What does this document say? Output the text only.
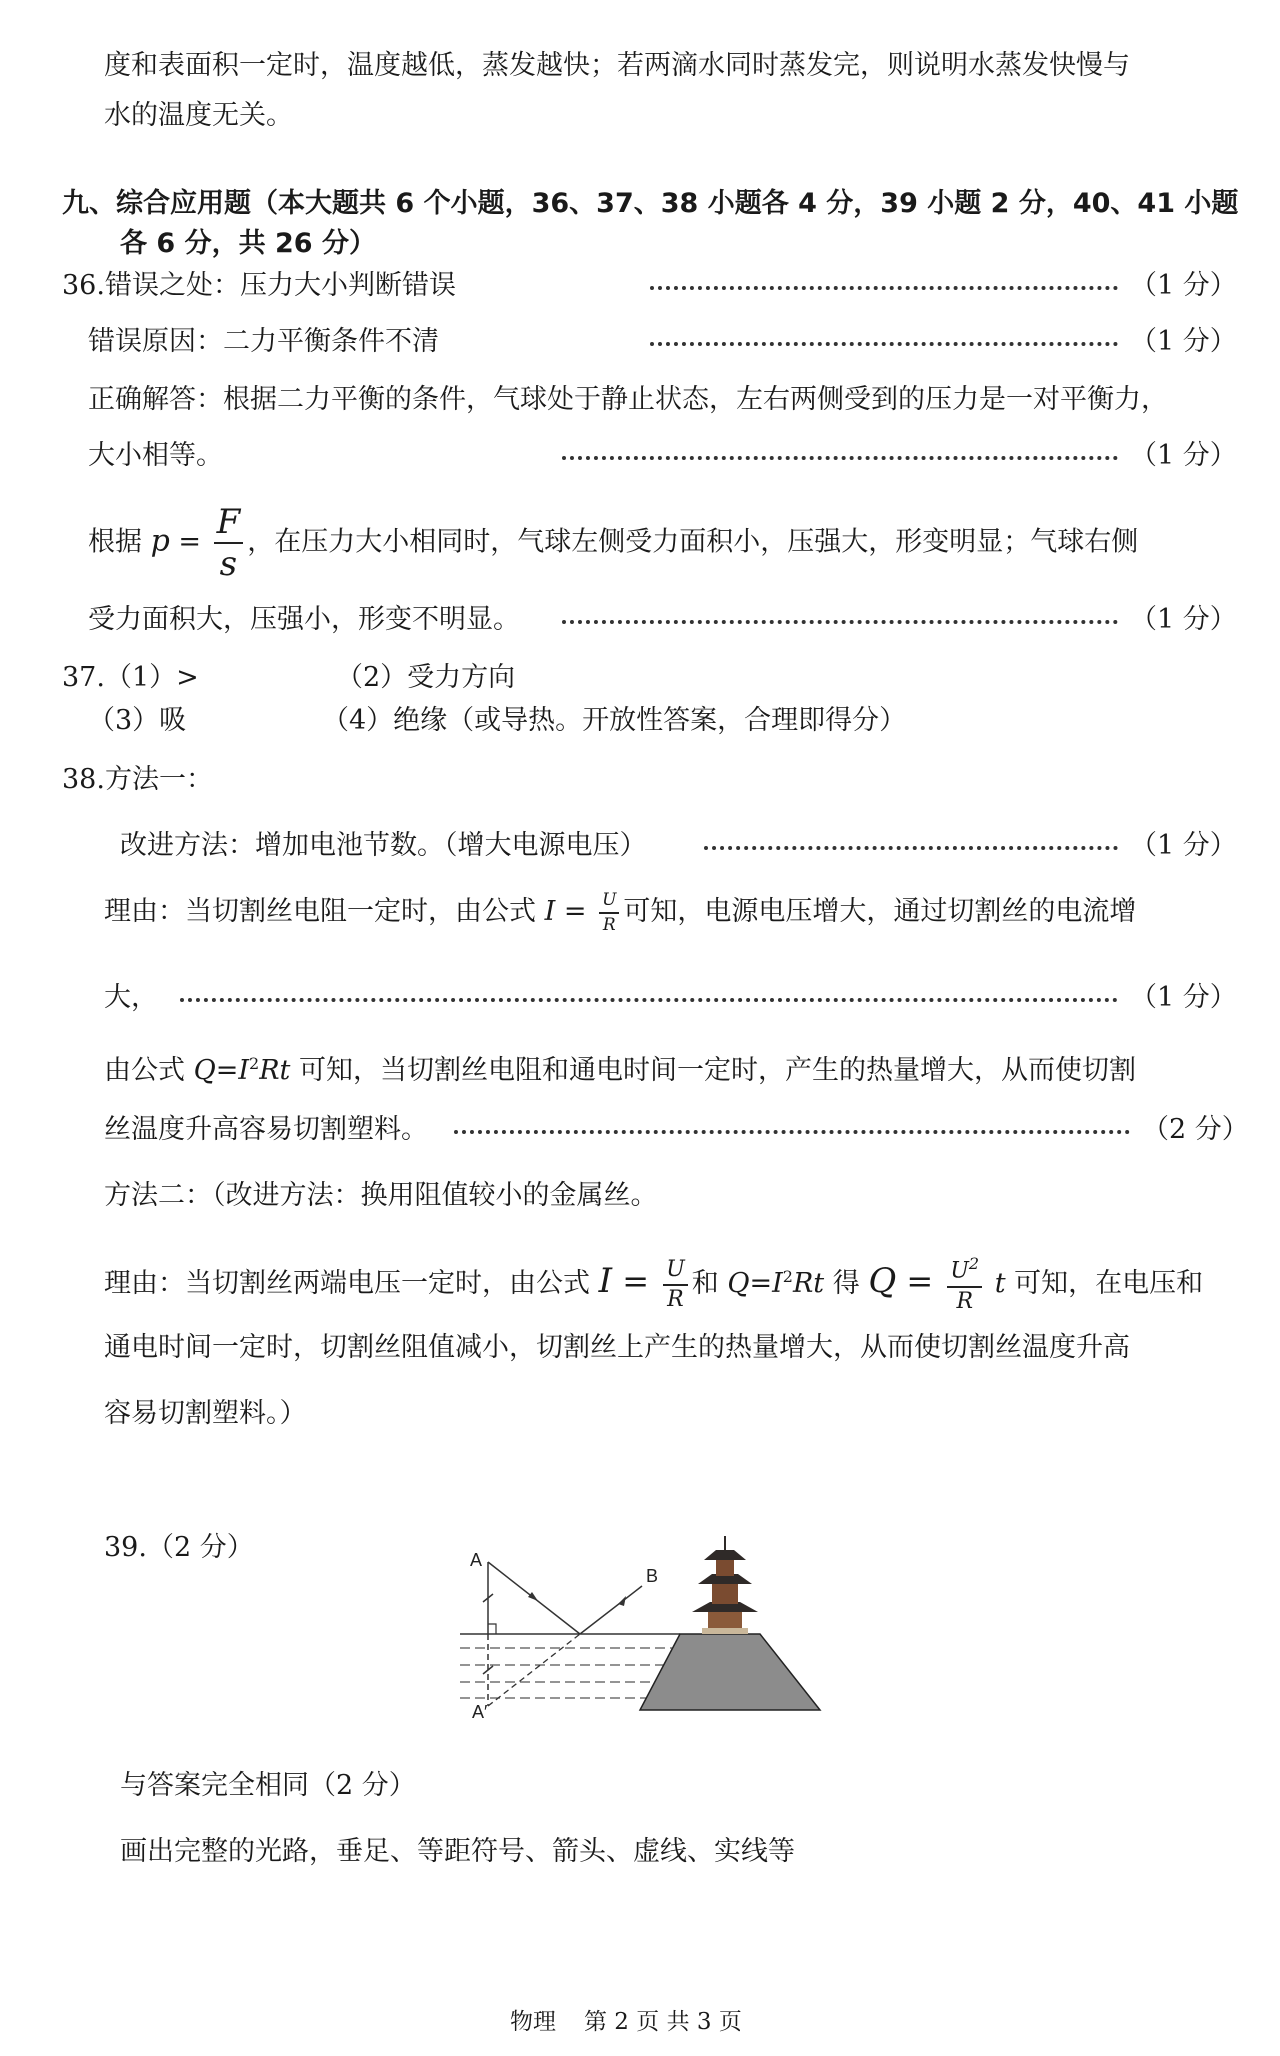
度和表面积一定时，温度越低，蒸发越快；若两滴水同时蒸发完，则说明水蒸发快慢与
水的温度无关。
九、综合应用题（本大题共 6 个小题，36、37、38 小题各 4 分，39 小题 2 分，40、41 小题
各 6 分，共 26 分）
36.错误之处：压力大小判断错误	（1 分）
错误原因：二力平衡条件不清	（1 分）
正确解答：根据二力平衡的条件，气球处于静止状态，左右两侧受到的压力是一对平衡力，
大小相等。	（1 分）
根据 $p = \frac{F}{s}$ ，在压力大小相同时，气球左侧受力面积小，压强大，形变明显；气球右侧
受力面积大，压强小，形变不明显。	（1 分）
37.（1）>	（2）受力方向
（3）吸	（4）绝缘（或导热。开放性答案，合理即得分）
38.方法一：
改进方法：增加电池节数。（增大电源电压）	（1 分）
理由：当切割丝电阻一定时，由公式 $I = \frac{U}{R}$ 可知，电源电压增大，通过切割丝的电流增
大，	（1 分）
由公式 $Q=I^2Rt$ 可知，当切割丝电阻和通电时间一定时，产生的热量增大，从而使切割
丝温度升高容易切割塑料。	（2 分）
方法二：（改进方法：换用阻值较小的金属丝。
理由：当切割丝两端电压一定时，由公式 $I = \frac{U}{R}$ 和 $Q=I^2Rt$ 得 $Q = \frac{U^2}{R}$ t 可知，在电压和
通电时间一定时，切割丝阻值减小，切割丝上产生的热量增大，从而使切割丝温度升高
容易切割塑料。）
39.（2 分）	A
B
A′
与答案完全相同（2 分）
画出完整的光路，垂足、等距符号、箭头、虚线、实线等
物理 第 2 页 共 3 页
